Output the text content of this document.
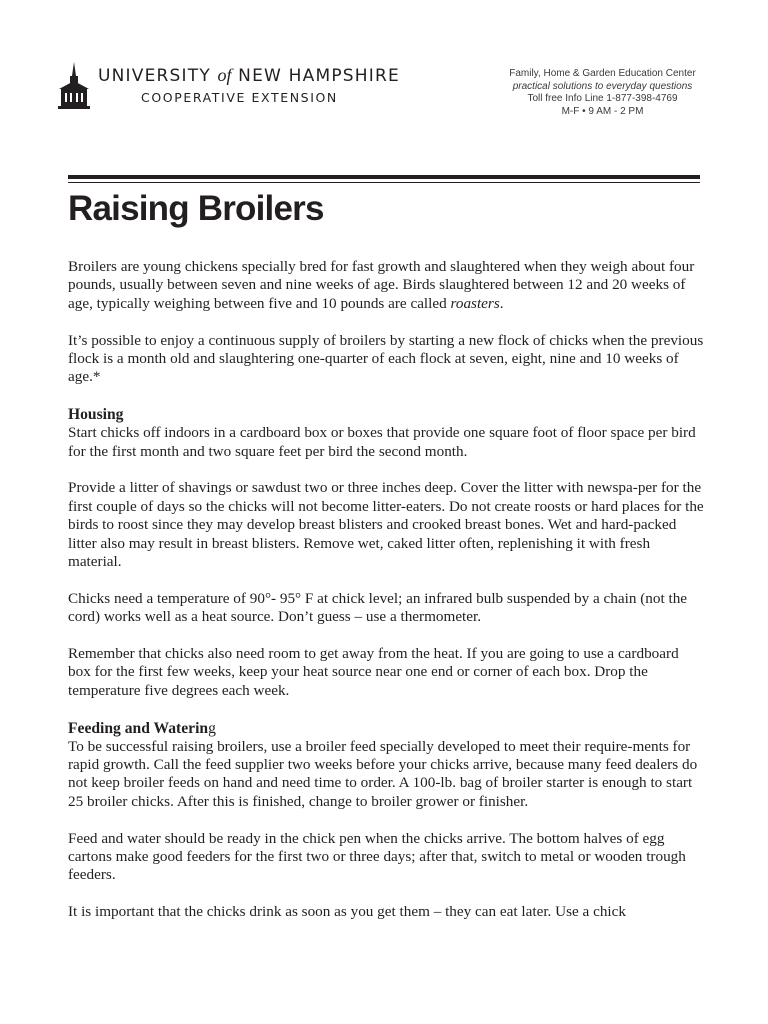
UNIVERSITY of NEW HAMPSHIRE
COOPERATIVE EXTENSION
Family, Home & Garden Education Center
practical solutions to everyday questions
Toll free Info Line 1-877-398-4769
M-F • 9 AM - 2 PM
Raising Broilers

Broilers are young chickens specially bred for fast growth and slaughtered when they weigh about four pounds, usually between seven and nine weeks of age. Birds slaughtered between 12 and 20 weeks of age, typically weighing between five and 10 pounds are called roasters.

It’s possible to enjoy a continuous supply of broilers by starting a new flock of chicks when the previous flock is a month old and slaughtering one-quarter of each flock at seven, eight, nine and 10 weeks of age.*

Housing

Start chicks off indoors in a cardboard box or boxes that provide one square foot of floor space per bird for the first month and two square feet per bird the second month.

Provide a litter of shavings or sawdust two or three inches deep. Cover the litter with newspa-per for the first couple of days so the chicks will not become litter-eaters. Do not create roosts or hard places for the birds to roost since they may develop breast blisters and crooked breast bones. Wet and hard-packed litter also may result in breast blisters. Remove wet, caked litter often, replenishing it with fresh material.

Chicks need a temperature of 90°- 95° F at chick level; an infrared bulb suspended by a chain (not the cord) works well as a heat source. Don’t guess – use a thermometer.

Remember that chicks also need room to get away from the heat. If you are going to use a cardboard box for the first few weeks, keep your heat source near one end or corner of each box. Drop the temperature five degrees each week.

Feeding and Watering

To be successful raising broilers, use a broiler feed specially developed to meet their require-ments for rapid growth. Call the feed supplier two weeks before your chicks arrive, because many feed dealers do not keep broiler feeds on hand and need time to order. A 100-lb. bag of broiler starter is enough to start 25 broiler chicks. After this is finished, change to broiler grower or finisher.

Feed and water should be ready in the chick pen when the chicks arrive. The bottom halves of egg cartons make good feeders for the first two or three days; after that, switch to metal or wooden trough feeders.

It is important that the chicks drink as soon as you get them – they can eat later. Use a chick
